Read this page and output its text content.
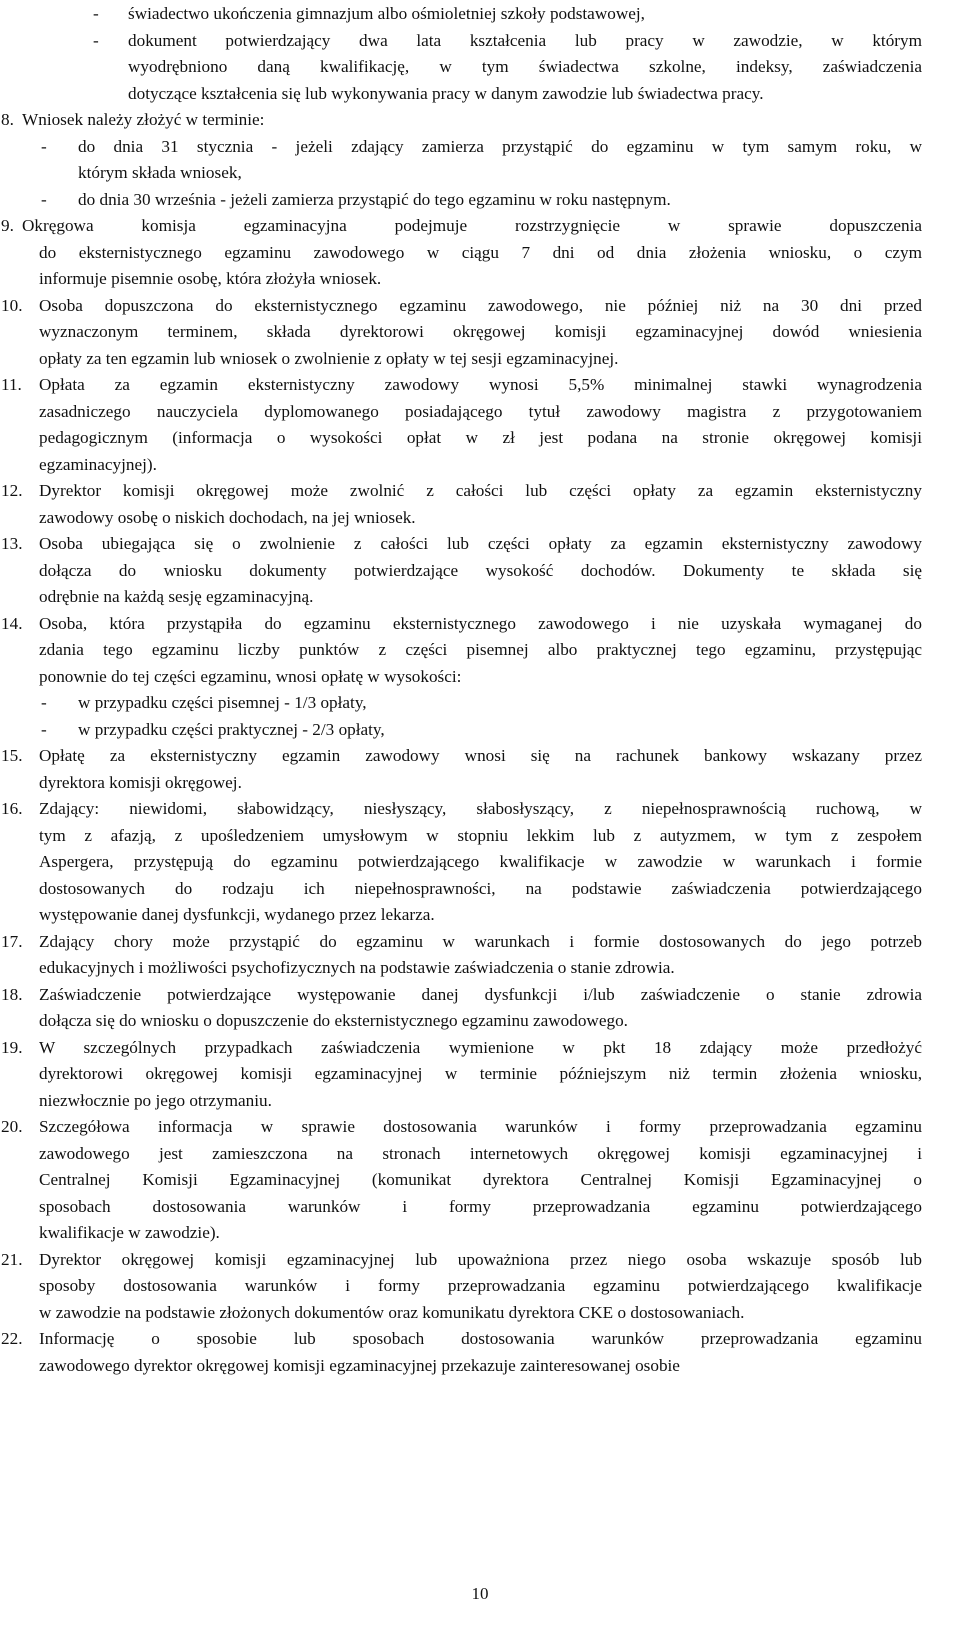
- świadectwo ukończenia gimnazjum albo ośmioletniej szkoły podstawowej,
- dokument potwierdzający dwa lata kształcenia lub pracy w zawodzie, w którym
wyodrębniono daną kwalifikację, w tym świadectwa szkolne, indeksy, zaświadczenia
dotyczące kształcenia się lub wykonywania pracy w danym zawodzie lub świadectwa pracy.
8. Wniosek należy złożyć w terminie:
- do dnia 31 stycznia - jeżeli zdający zamierza przystąpić do egzaminu w tym samym roku, w
którym składa wniosek,
- do dnia 30 września - jeżeli zamierza przystąpić do tego egzaminu w roku następnym.
9. Okręgowa komisja egzaminacyjna podejmuje rozstrzygnięcie w sprawie dopuszczenia
do eksternistycznego egzaminu zawodowego w ciągu 7 dni od dnia złożenia wniosku, o czym
informuje pisemnie osobę, która złożyła wniosek.
10. Osoba dopuszczona do eksternistycznego egzaminu zawodowego, nie później niż na 30 dni przed
wyznaczonym terminem, składa dyrektorowi okręgowej komisji egzaminacyjnej dowód wniesienia
opłaty za ten egzamin lub wniosek o zwolnienie z opłaty w tej sesji egzaminacyjnej.
11. Opłata za egzamin eksternistyczny zawodowy wynosi 5,5% minimalnej stawki wynagrodzenia
zasadniczego nauczyciela dyplomowanego posiadającego tytuł zawodowy magistra z przygotowaniem
pedagogicznym (informacja o wysokości opłat w zł jest podana na stronie okręgowej komisji
egzaminacyjnej).
12. Dyrektor komisji okręgowej może zwolnić z całości lub części opłaty za egzamin eksternistyczny
zawodowy osobę o niskich dochodach, na jej wniosek.
13. Osoba ubiegająca się o zwolnienie z całości lub części opłaty za egzamin eksternistyczny zawodowy
dołącza do wniosku dokumenty potwierdzające wysokość dochodów. Dokumenty te składa się
odrębnie na każdą sesję egzaminacyjną.
14. Osoba, która przystąpiła do egzaminu eksternistycznego zawodowego i nie uzyskała wymaganej do
zdania tego egzaminu liczby punktów z części pisemnej albo praktycznej tego egzaminu, przystępując
ponownie do tej części egzaminu, wnosi opłatę w wysokości:
- w przypadku części pisemnej - 1/3 opłaty,
- w przypadku części praktycznej - 2/3 opłaty,
15. Opłatę za eksternistyczny egzamin zawodowy wnosi się na rachunek bankowy wskazany przez
dyrektora komisji okręgowej.
16. Zdający: niewidomi, słabowidzący, niesłyszący, słabosłyszący, z niepełnosprawnością ruchową, w
tym z afazją, z upośledzeniem umysłowym w stopniu lekkim lub z autyzmem, w tym z zespołem
Aspergera, przystępują do egzaminu potwierdzającego kwalifikacje w zawodzie w warunkach i formie
dostosowanych do rodzaju ich niepełnosprawności, na podstawie zaświadczenia potwierdzającego
występowanie danej dysfunkcji, wydanego przez lekarza.
17. Zdający chory może przystąpić do egzaminu w warunkach i formie dostosowanych do jego potrzeb
edukacyjnych i możliwości psychofizycznych na podstawie zaświadczenia o stanie zdrowia.
18. Zaświadczenie potwierdzające występowanie danej dysfunkcji i/lub zaświadczenie o stanie zdrowia
dołącza się do wniosku o dopuszczenie do eksternistycznego egzaminu zawodowego.
19. W szczególnych przypadkach zaświadczenia wymienione w pkt 18 zdający może przedłożyć
dyrektorowi okręgowej komisji egzaminacyjnej w terminie późniejszym niż termin złożenia wniosku,
niezwłocznie po jego otrzymaniu.
20. Szczegółowa informacja w sprawie dostosowania warunków i formy przeprowadzania egzaminu
zawodowego jest zamieszczona na stronach internetowych okręgowej komisji egzaminacyjnej i
Centralnej Komisji Egzaminacyjnej (komunikat dyrektora Centralnej Komisji Egzaminacyjnej o
sposobach dostosowania warunków i formy przeprowadzania egzaminu potwierdzającego
kwalifikacje w zawodzie).
21. Dyrektor okręgowej komisji egzaminacyjnej lub upoważniona przez niego osoba wskazuje sposób lub
sposoby dostosowania warunków i formy przeprowadzania egzaminu potwierdzającego kwalifikacje
w zawodzie na podstawie złożonych dokumentów oraz komunikatu dyrektora CKE o dostosowaniach.
22. Informację o sposobie lub sposobach dostosowania warunków przeprowadzania egzaminu
zawodowego dyrektor okręgowej komisji egzaminacyjnej przekazuje zainteresowanej osobie
10
